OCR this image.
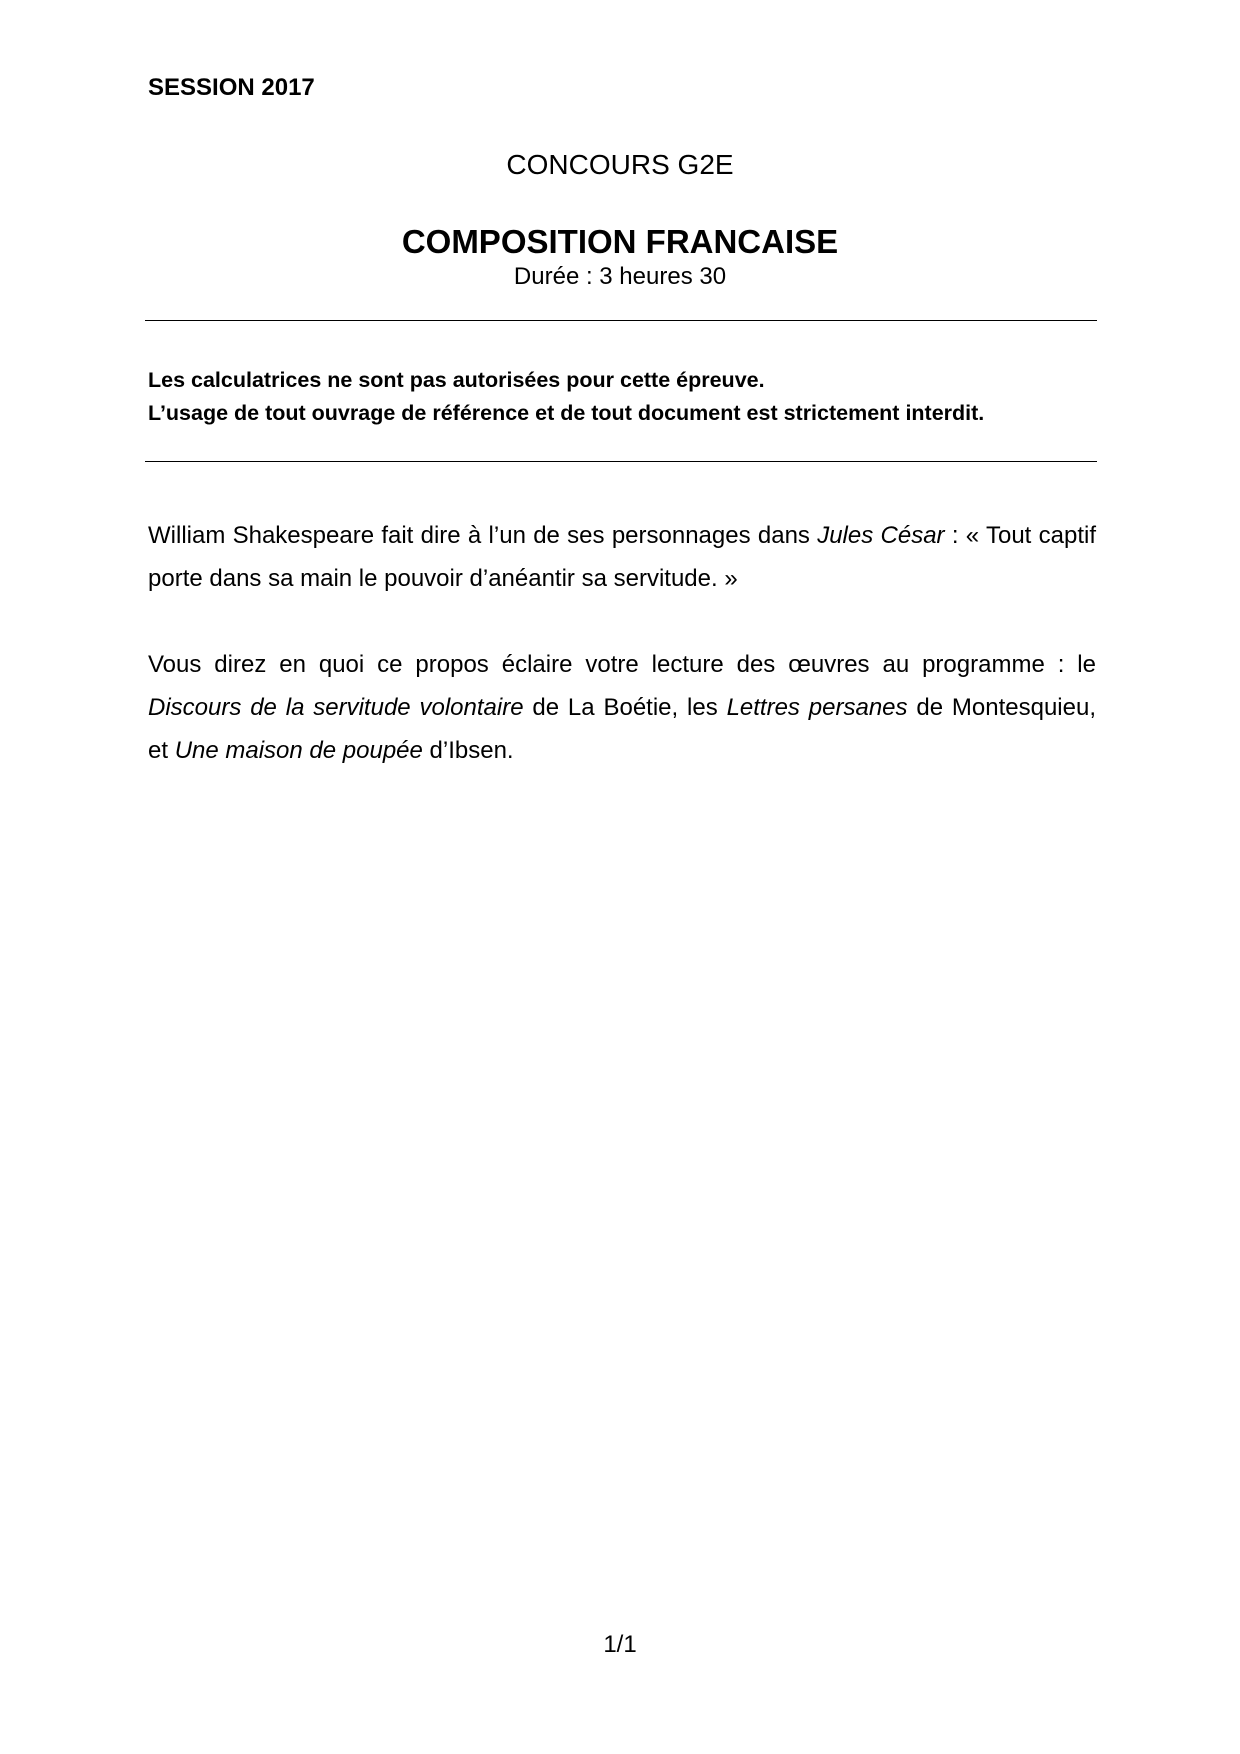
SESSION 2017
CONCOURS G2E
COMPOSITION FRANCAISE
Durée : 3 heures 30
Les calculatrices ne sont pas autorisées pour cette épreuve.
L’usage de tout ouvrage de référence et de tout document est strictement interdit.

William Shakespeare fait dire à l’un de ses personnages dans Jules César : « Tout captif porte dans sa main le pouvoir d’anéantir sa servitude. »

Vous direz en quoi ce propos éclaire votre lecture des œuvres au programme : le Discours de la servitude volontaire de La Boétie, les Lettres persanes de Montesquieu, et Une maison de poupée d’Ibsen.

1/1
